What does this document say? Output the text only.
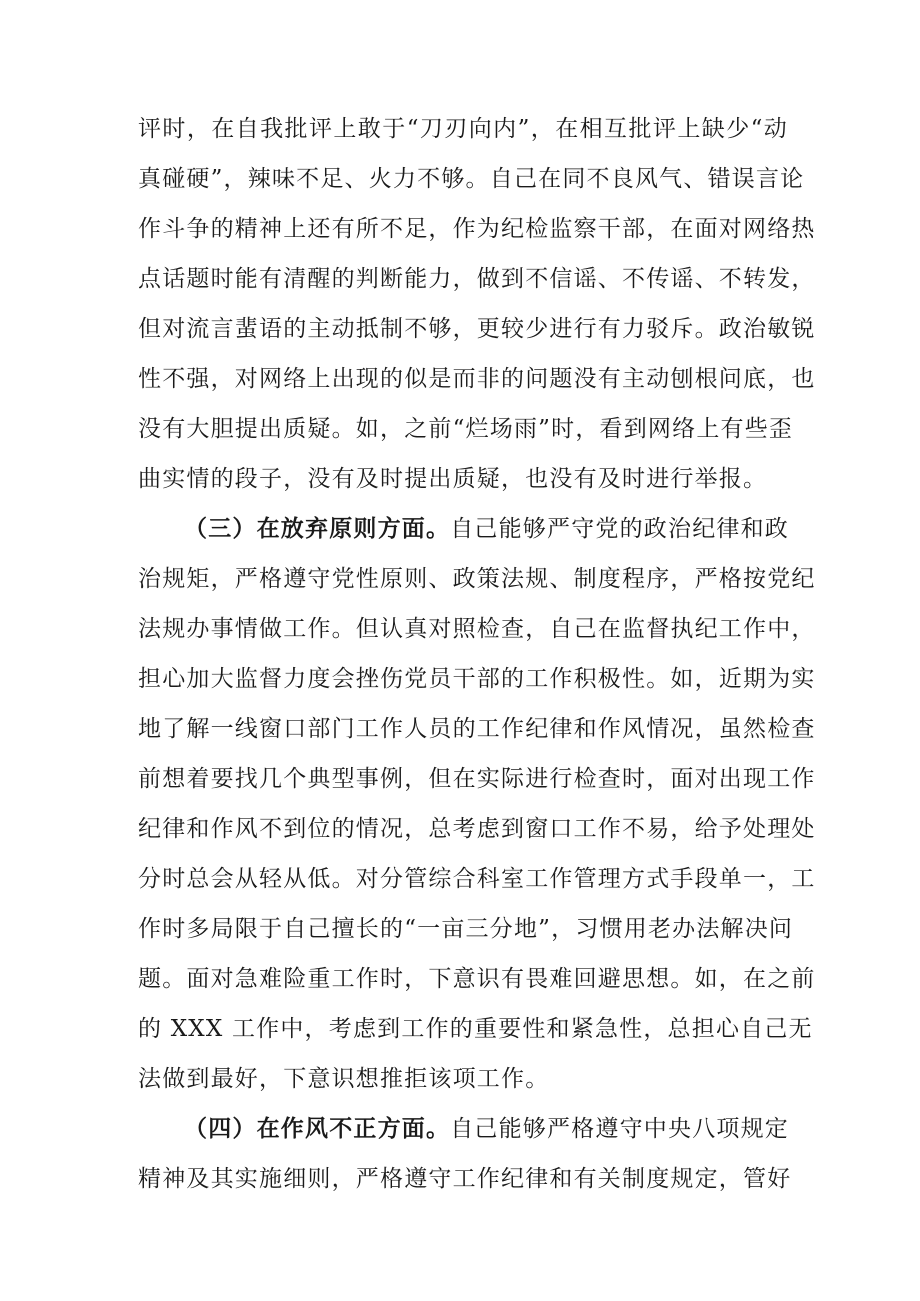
评时，在自我批评上敢于“刀刃向内”，在相互批评上缺少“动
真碰硬”，辣味不足、火力不够。自己在同不良风气、错误言论
作斗争的精神上还有所不足，作为纪检监察干部，在面对网络热
点话题时能有清醒的判断能力，做到不信谣、不传谣、不转发，
但对流言蜚语的主动抵制不够，更较少进行有力驳斥。政治敏锐
性不强，对网络上出现的似是而非的问题没有主动刨根问底，也
没有大胆提出质疑。如，之前“烂场雨”时，看到网络上有些歪
曲实情的段子，没有及时提出质疑，也没有及时进行举报。
（三）在放弃原则方面。自己能够严守党的政治纪律和政
治规矩，严格遵守党性原则、政策法规、制度程序，严格按党纪
法规办事情做工作。但认真对照检查，自己在监督执纪工作中，
担心加大监督力度会挫伤党员干部的工作积极性。如，近期为实
地了解一线窗口部门工作人员的工作纪律和作风情况，虽然检查
前想着要找几个典型事例，但在实际进行检查时，面对出现工作
纪律和作风不到位的情况，总考虑到窗口工作不易，给予处理处
分时总会从轻从低。对分管综合科室工作管理方式手段单一，工
作时多局限于自己擅长的“一亩三分地”，习惯用老办法解决问
题。面对急难险重工作时，下意识有畏难回避思想。如，在之前
的 XXX 工作中，考虑到工作的重要性和紧急性，总担心自己无
法做到最好，下意识想推拒该项工作。
（四）在作风不正方面。自己能够严格遵守中央八项规定
精神及其实施细则，严格遵守工作纪律和有关制度规定，管好
